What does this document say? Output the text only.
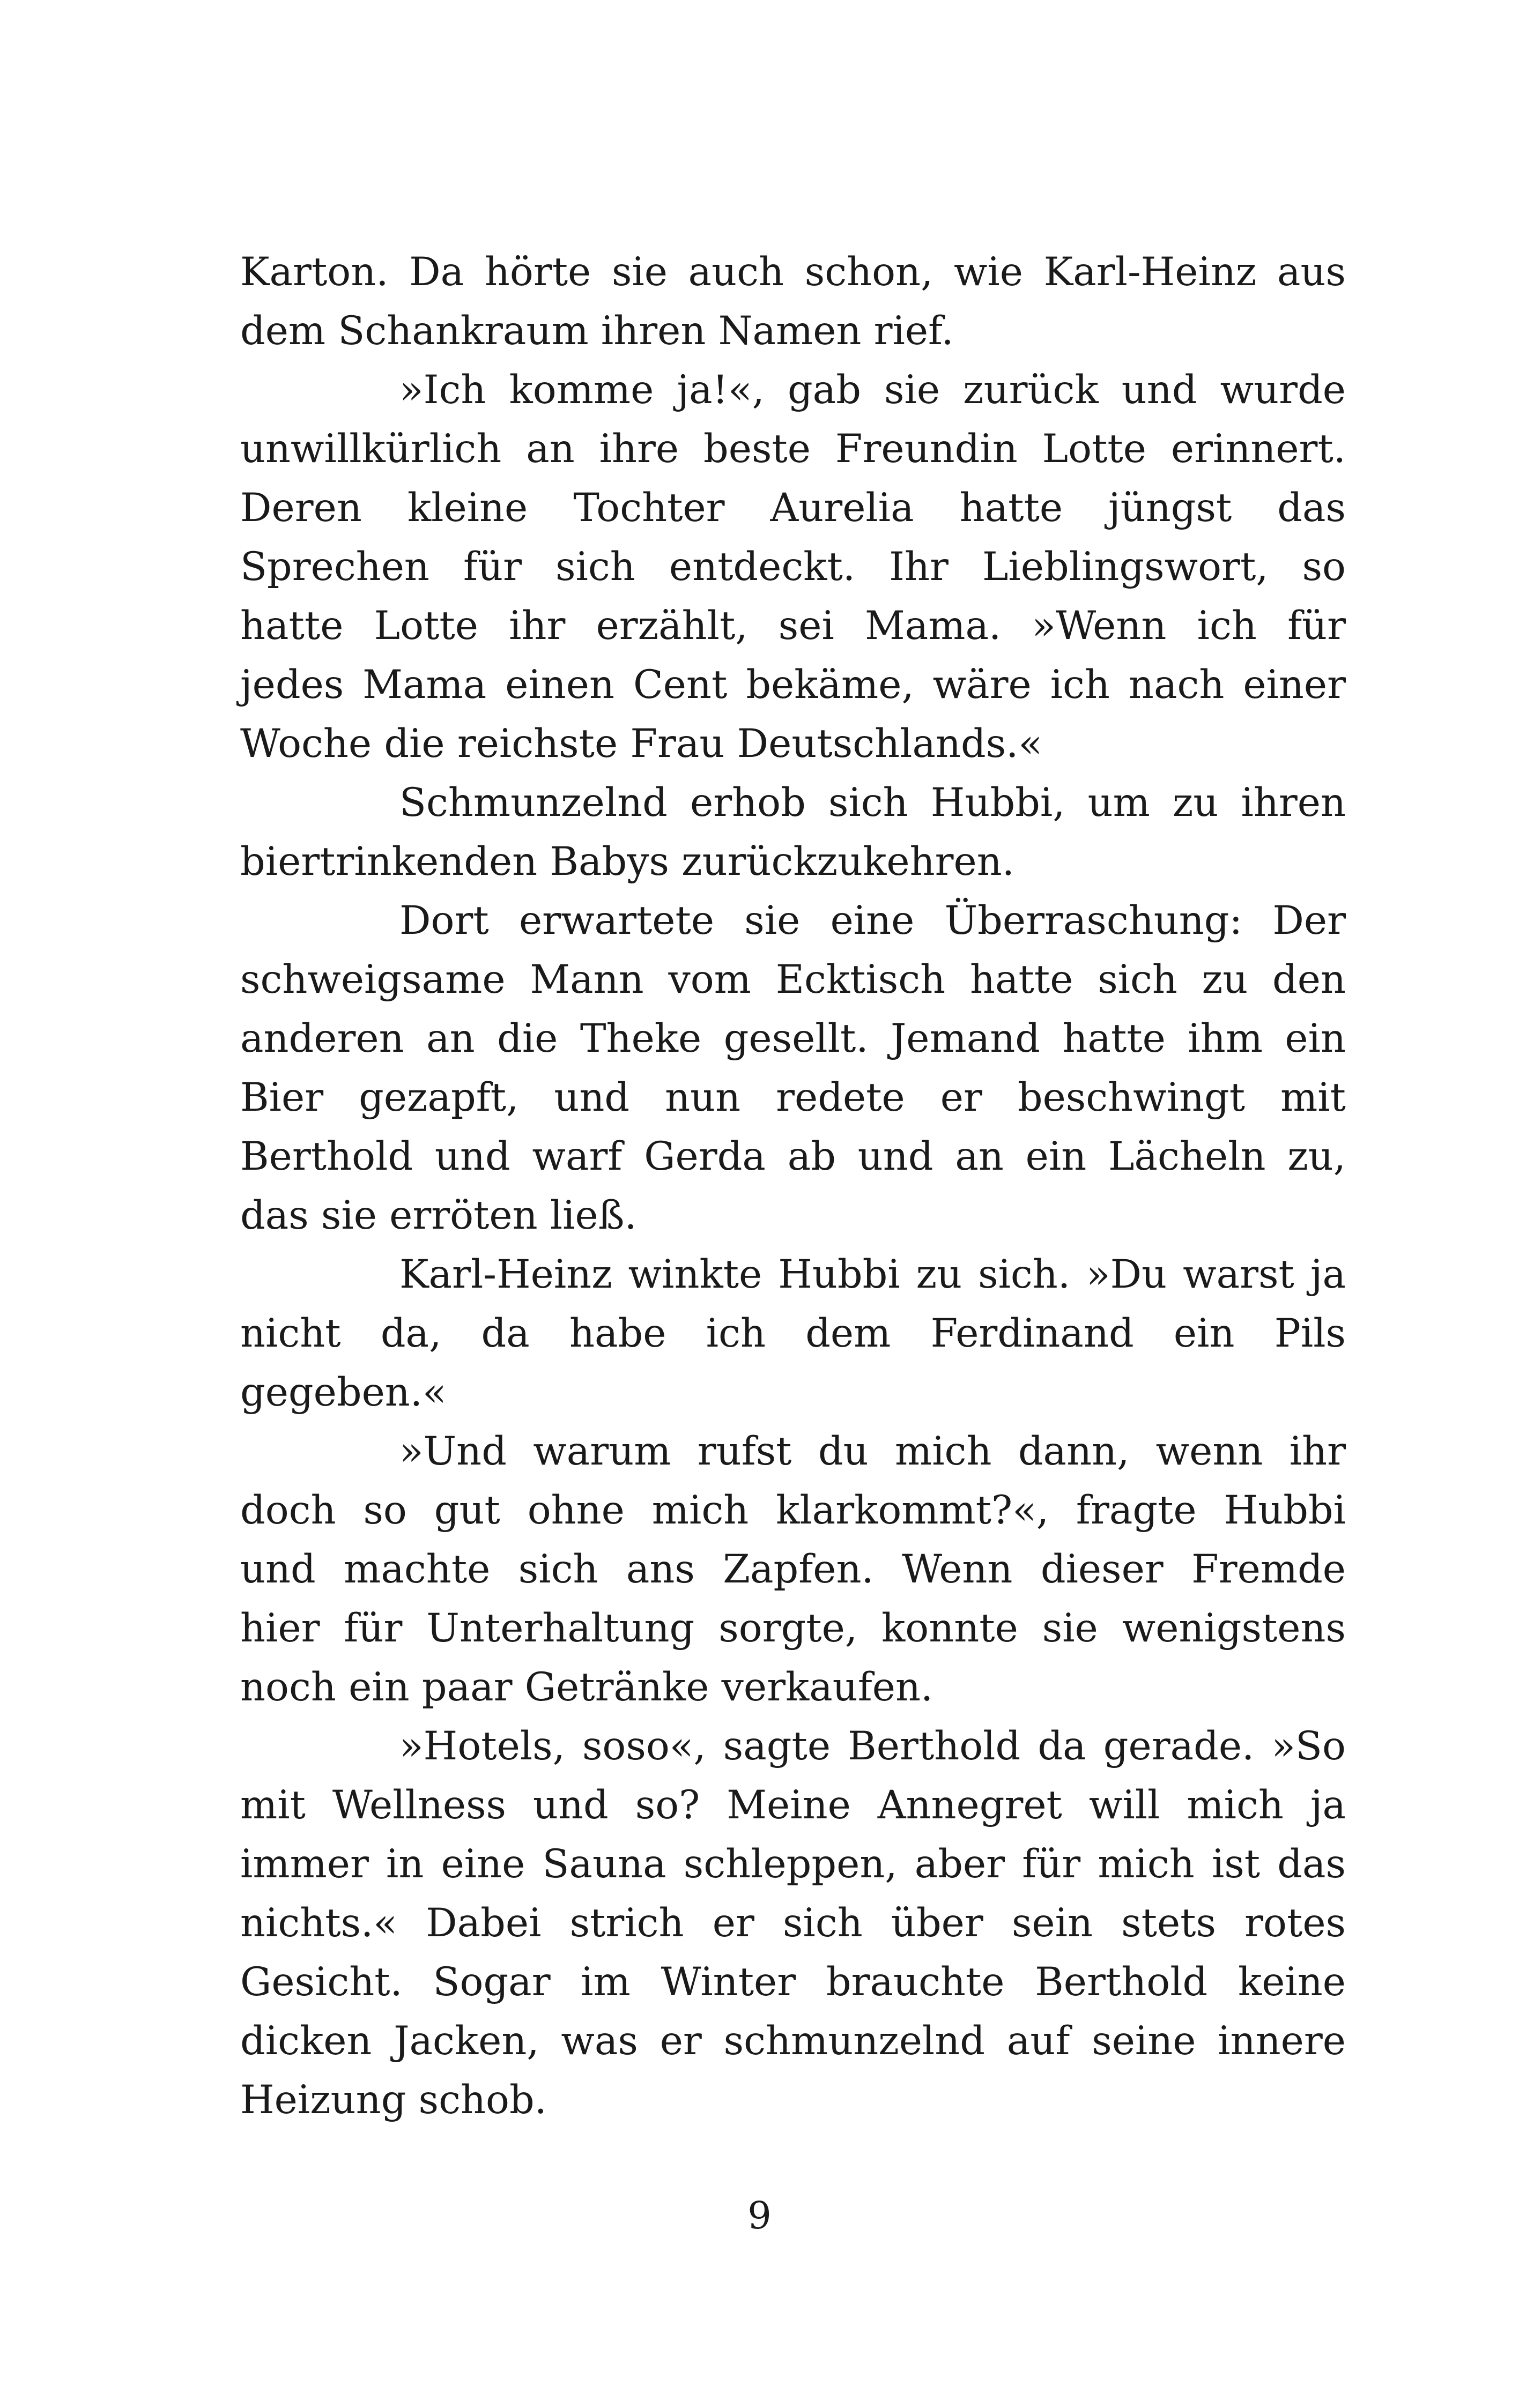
Karton. Da hörte sie auch schon, wie Karl-Heinz aus
dem Schankraum ihren Namen rief.
»Ich komme ja!«, gab sie zurück und wurde
unwillkürlich an ihre beste Freundin Lotte erinnert.
Deren kleine Tochter Aurelia hatte jüngst das
Sprechen für sich entdeckt. Ihr Lieblingswort, so
hatte Lotte ihr erzählt, sei Mama. »Wenn ich für
jedes Mama einen Cent bekäme, wäre ich nach einer
Woche die reichste Frau Deutschlands.«
Schmunzelnd erhob sich Hubbi, um zu ihren
biertrinkenden Babys zurückzukehren.
Dort erwartete sie eine Überraschung: Der
schweigsame Mann vom Ecktisch hatte sich zu den
anderen an die Theke gesellt. Jemand hatte ihm ein
Bier gezapft, und nun redete er beschwingt mit
Berthold und warf Gerda ab und an ein Lächeln zu,
das sie erröten ließ.
Karl-Heinz winkte Hubbi zu sich. »Du warst ja
nicht da, da habe ich dem Ferdinand ein Pils
gegeben.«
»Und warum rufst du mich dann, wenn ihr
doch so gut ohne mich klarkommt?«, fragte Hubbi
und machte sich ans Zapfen. Wenn dieser Fremde
hier für Unterhaltung sorgte, konnte sie wenigstens
noch ein paar Getränke verkaufen.
»Hotels, soso«, sagte Berthold da gerade. »So
mit Wellness und so? Meine Annegret will mich ja
immer in eine Sauna schleppen, aber für mich ist das
nichts.« Dabei strich er sich über sein stets rotes
Gesicht. Sogar im Winter brauchte Berthold keine
dicken Jacken, was er schmunzelnd auf seine innere
Heizung schob.
9
